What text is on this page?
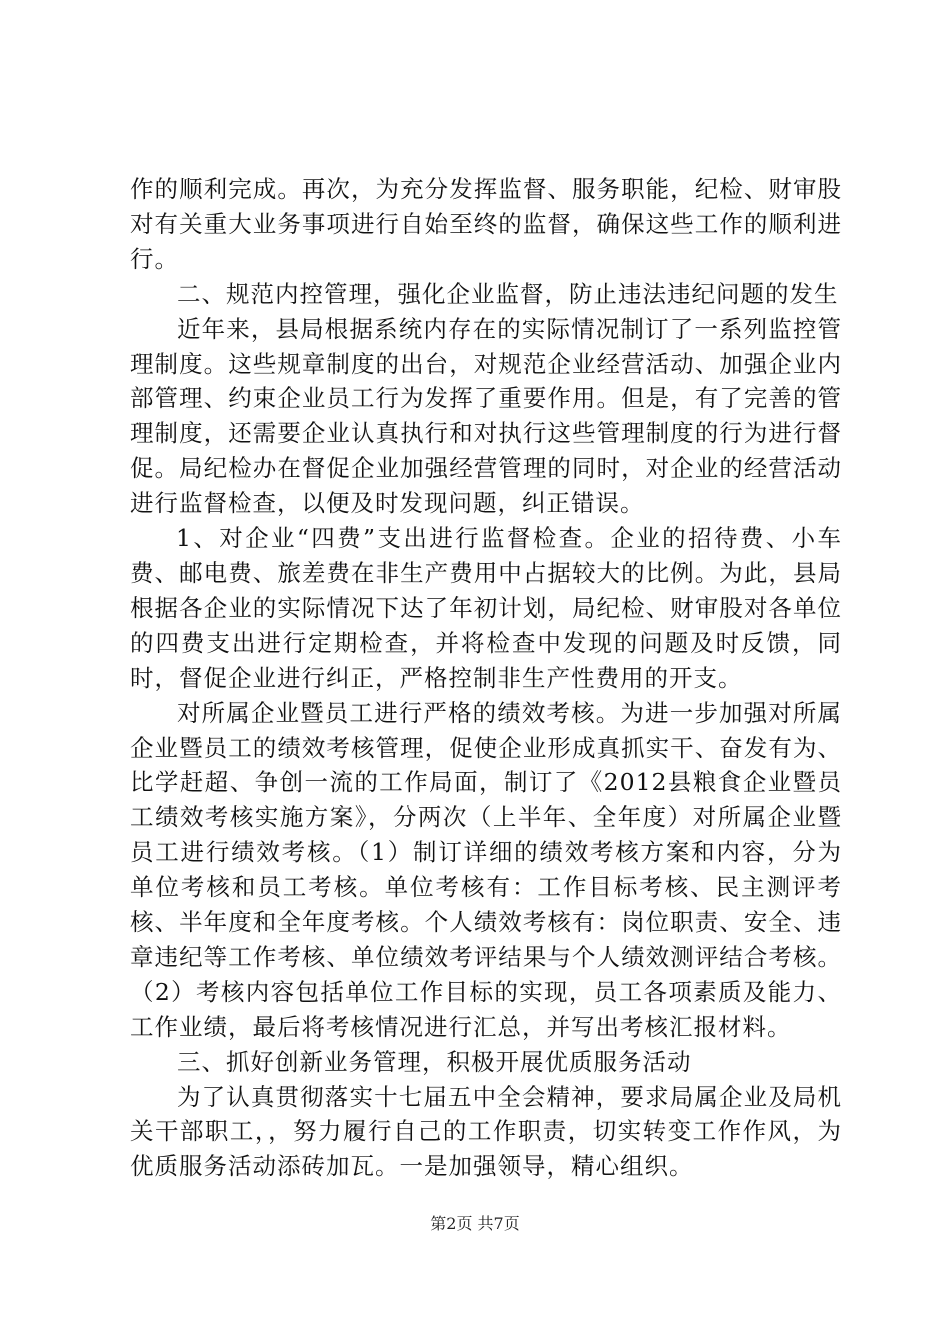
作的顺利完成。再次，为充分发挥监督、服务职能，纪检、财审股对有关重大业务事项进行自始至终的监督，确保这些工作的顺利进行。

二、规范内控管理，强化企业监督，防止违法违纪问题的发生

近年来，县局根据系统内存在的实际情况制订了一系列监控管理制度。这些规章制度的出台，对规范企业经营活动、加强企业内部管理、约束企业员工行为发挥了重要作用。但是，有了完善的管理制度，还需要企业认真执行和对执行这些管理制度的行为进行督促。局纪检办在督促企业加强经营管理的同时，对企业的经营活动进行监督检查，以便及时发现问题，纠正错误。

1、对企业“四费”支出进行监督检查。企业的招待费、小车费、邮电费、旅差费在非生产费用中占据较大的比例。为此，县局根据各企业的实际情况下达了年初计划，局纪检、财审股对各单位的四费支出进行定期检查，并将检查中发现的问题及时反馈，同时，督促企业进行纠正，严格控制非生产性费用的开支。

对所属企业暨员工进行严格的绩效考核。为进一步加强对所属企业暨员工的绩效考核管理，促使企业形成真抓实干、奋发有为、比学赶超、争创一流的工作局面，制订了《2012县粮食企业暨员工绩效考核实施方案》，分两次（上半年、全年度）对所属企业暨员工进行绩效考核。（1）制订详细的绩效考核方案和内容，分为单位考核和员工考核。单位考核有：工作目标考核、民主测评考核、半年度和全年度考核。个人绩效考核有：岗位职责、安全、违章违纪等工作考核、单位绩效考评结果与个人绩效测评结合考核。（2）考核内容包括单位工作目标的实现，员工各项素质及能力、工作业绩，最后将考核情况进行汇总，并写出考核汇报材料。

三、抓好创新业务管理，积极开展优质服务活动

为了认真贯彻落实十七届五中全会精神，要求局属企业及局机关干部职工，，努力履行自己的工作职责，切实转变工作作风，为优质服务活动添砖加瓦。一是加强领导，精心组织。

第2页 共7页
